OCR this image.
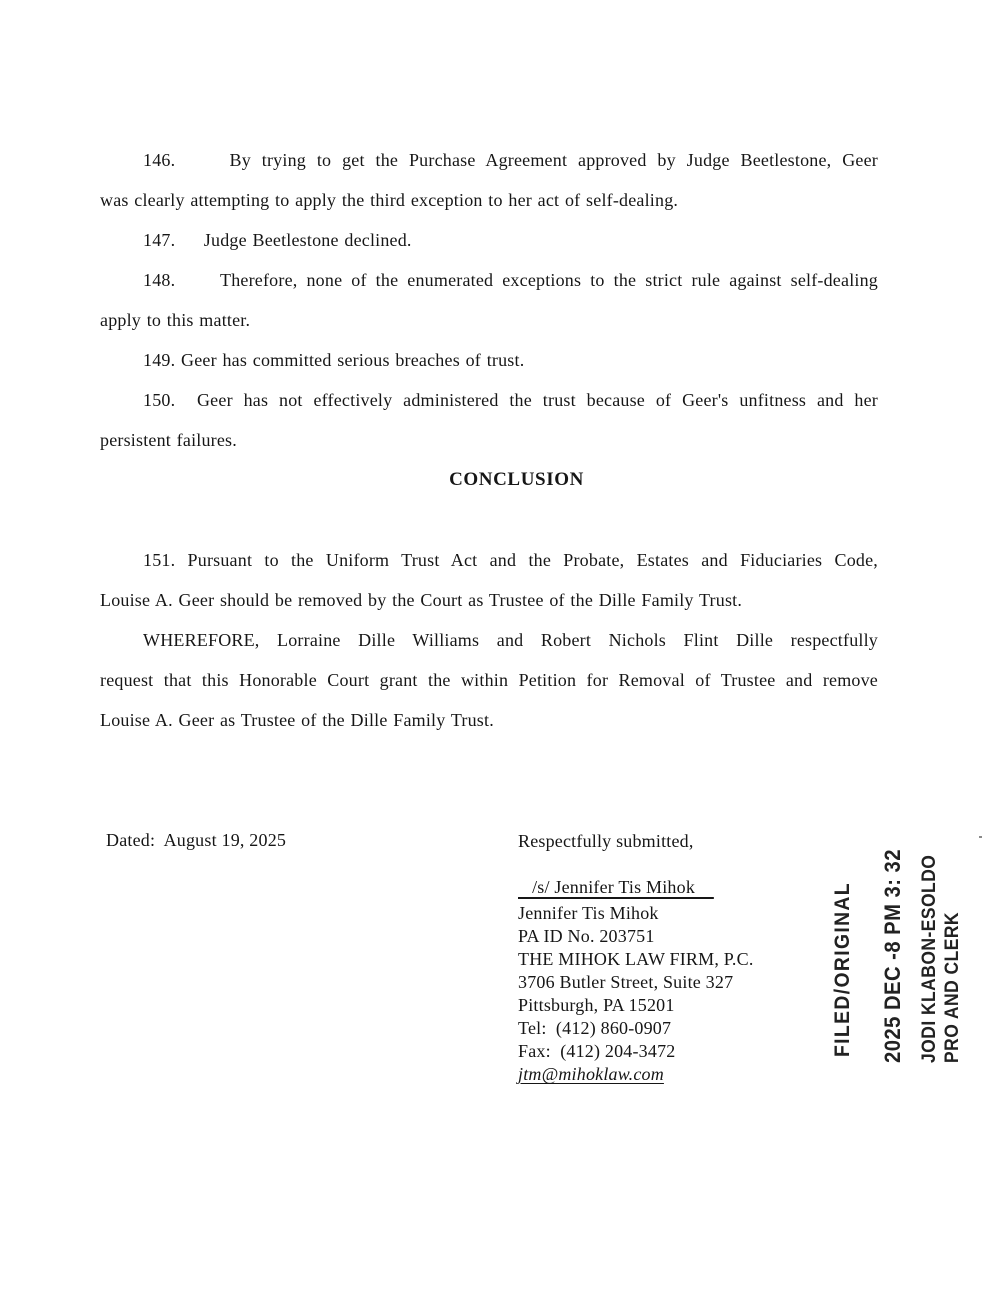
146.     By trying to get the Purchase Agreement approved by Judge Beetlestone, Geer
was clearly attempting to apply the third exception to her act of self-dealing.
147.     Judge Beetlestone declined.
148.     Therefore, none of the enumerated exceptions to the strict rule against self-dealing
apply to this matter.
149. Geer has committed serious breaches of trust.
150.  Geer has not effectively administered the trust because of Geer's unfitness and her
persistent failures.
CONCLUSION
151. Pursuant to the Uniform Trust Act and the Probate, Estates and Fiduciaries Code,
Louise A. Geer should be removed by the Court as Trustee of the Dille Family Trust.
WHEREFORE, Lorraine Dille Williams and Robert Nichols Flint Dille respectfully
request that this Honorable Court grant the within Petition for Removal of Trustee and remove
Louise A. Geer as Trustee of the Dille Family Trust.
Dated:  August 19, 2025	Respectfully submitted,
/s/ Jennifer Tis Mihok
Jennifer Tis Mihok
PA ID No. 203751
THE MIHOK LAW FIRM, P.C.
3706 Butler Street, Suite 327
Pittsburgh, PA 15201
Tel:  (412) 860-0907
Fax:  (412) 204-3472
jtm@mihoklaw.com
FILED/ORIGINAL 2025 DEC -8 PM 3: 32 JODI KLABON-ESOLDO PRO AND CLERK
